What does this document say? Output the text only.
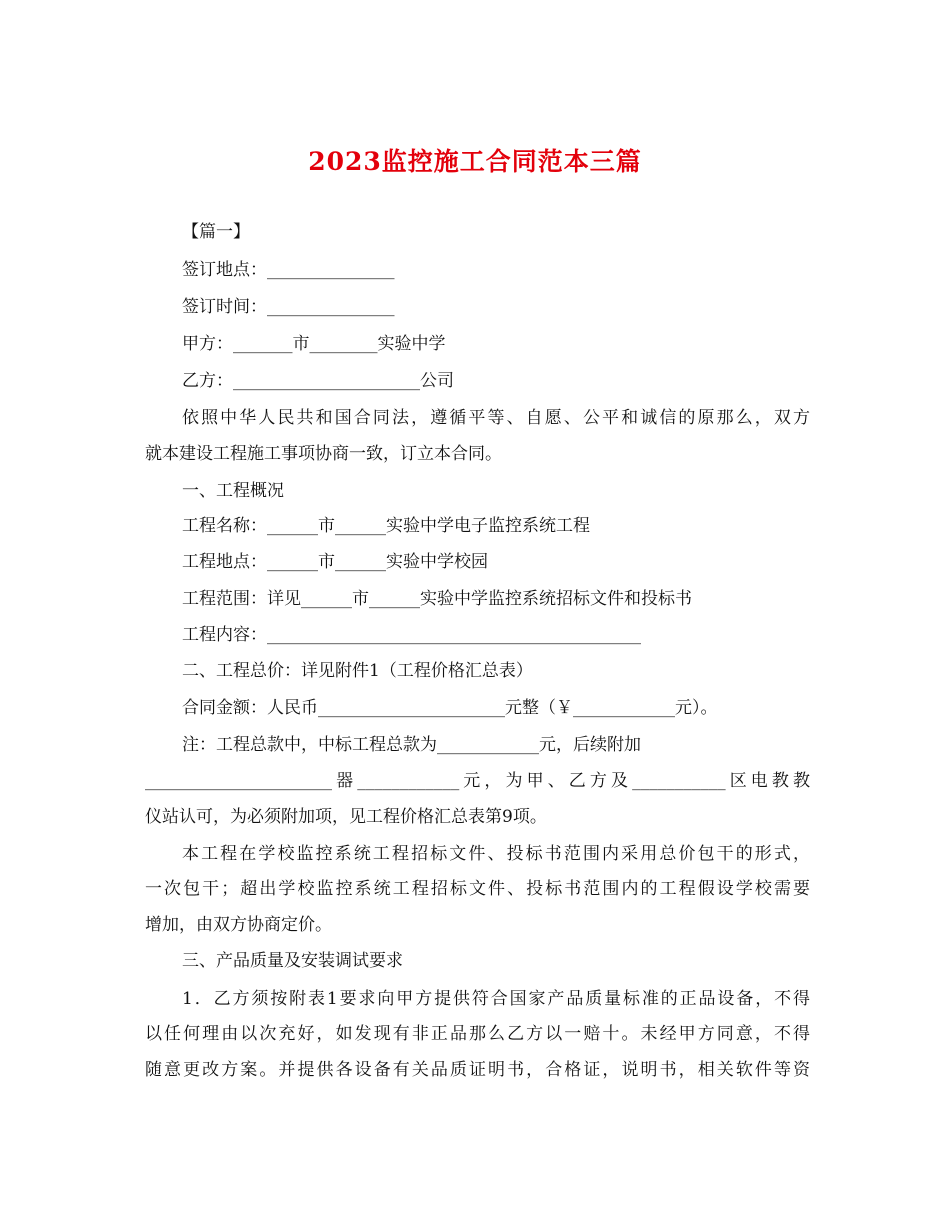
2023监控施工合同范本三篇
【篇一】
签订地点：_______________
签订时间：_______________
甲方：_______市________实验中学
乙方：______________________公司
依照中华人民共和国合同法，遵循平等、自愿、公平和诚信的原那么，双方
就本建设工程施工事项协商一致，订立本合同。
一、工程概况
工程名称：______市______实验中学电子监控系统工程
工程地点：______市______实验中学校园
工程范围：详见______市______实验中学监控系统招标文件和投标书
工程内容：____________________________________________
二、工程总价：详见附件1（工程价格汇总表）
合同金额：人民币______________________元整（￥____________元）。
注：工程总款中，中标工程总款为____________元，后续附加
______________________器____________元，为甲、乙方及___________区电教教
仪站认可，为必须附加项，见工程价格汇总表第9项。
本工程在学校监控系统工程招标文件、投标书范围内采用总价包干的形式，
一次包干；超出学校监控系统工程招标文件、投标书范围内的工程假设学校需要
增加，由双方协商定价。
三、产品质量及安装调试要求
1．乙方须按附表1要求向甲方提供符合国家产品质量标准的正品设备，不得
以任何理由以次充好，如发现有非正品那么乙方以一赔十。未经甲方同意，不得
随意更改方案。并提供各设备有关品质证明书，合格证，说明书，相关软件等资
